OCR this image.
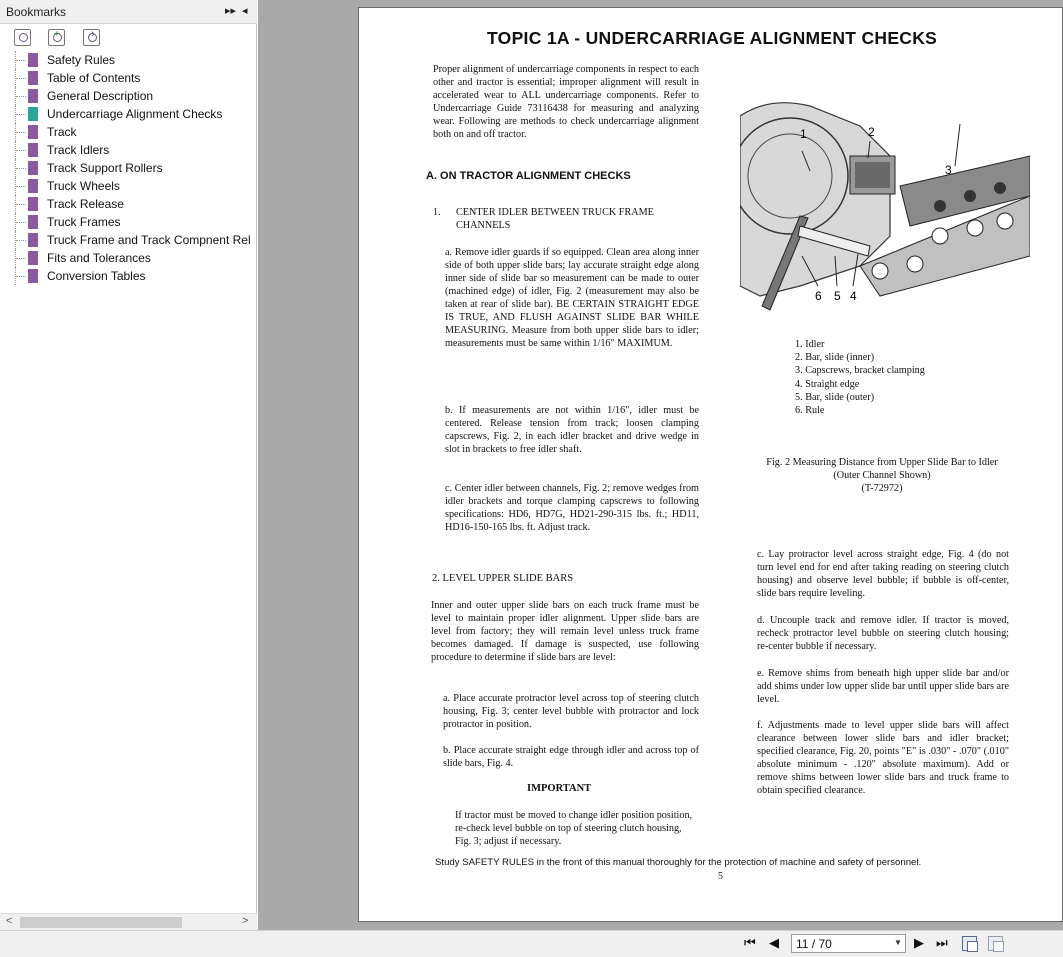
Bookmarks	▸▸ ◂
+
›
Safety Rules
Table of Contents
General Description
Undercarriage Alignment Checks
Track
Track Idlers
Track Support Rollers
Truck Wheels
Track Release
Truck Frames
Truck Frame and Track Compnent Rel
Fits and Tolerances
Conversion Tables
<	>
TOPIC 1A - UNDERCARRIAGE ALIGNMENT CHECKS
Proper alignment of undercarriage components in respect to each other and tractor is essential; improper alignment will result in accelerated wear to ALL undercarriage components. Refer to Undercarriage Guide 73116438 for measuring and analyzing wear. Following are methods to check undercarriage alignment both on and off tractor.
A. ON TRACTOR ALIGNMENT CHECKS
1. CENTER IDLER BETWEEN TRUCK FRAME CHANNELS
a. Remove idler guards if so equipped. Clean area along inner side of both upper slide bars; lay accurate straight edge along inner side of slide bar so measurement can be made to outer (machined edge) of idler, Fig. 2 (measurement may also be taken at rear of slide bar). BE CERTAIN STRAIGHT EDGE IS TRUE, AND FLUSH AGAINST SLIDE BAR WHILE MEASURING. Measure from both upper slide bars to idler; measurements must be same within 1/16" MAXIMUM.
b. If measurements are not within 1/16", idler must be centered. Release tension from track; loosen clamping capscrews, Fig. 2, in each idler bracket and drive wedge in slot in brackets to free idler shaft.
c. Center idler between channels, Fig. 2; remove wedges from idler brackets and torque clamping capscrews to following specifications: HD6, HD7G, HD21-290-315 lbs. ft.; HD11, HD16-150-165 lbs. ft. Adjust track.
2. LEVEL UPPER SLIDE BARS
Inner and outer upper slide bars on each truck frame must be level to maintain proper idler alignment. Upper slide bars are level from factory; they will remain level unless truck frame becomes damaged. If damage is suspected, use following procedure to determine if slide bars are level:
a. Place accurate protractor level across top of steering clutch housing, Fig. 3; center level bubble with protractor and lock protractor in position.
b. Place accurate straight edge through idler and across top of slide bars, Fig. 4.
IMPORTANT
If tractor must be moved to change idler position position, re-check level bubble on top of steering clutch housing, Fig. 3; adjust if necessary.
1	2
3
6 5 4
1. Idler
2. Bar, slide (inner)
3. Capscrews, bracket clamping
4. Straight edge
5. Bar, slide (outer)
6. Rule
Fig. 2 Measuring Distance from Upper Slide Bar to Idler
(Outer Channel Shown)
(T-72972)
c. Lay protractor level across straight edge, Fig. 4 (do not turn level end for end after taking reading on steering clutch housing) and observe level bubble; if bubble is off-center, slide bars require leveling.
d. Uncouple track and remove idler. If tractor is moved, recheck protractor level bubble on steering clutch housing; re-center bubble if necessary.
e. Remove shims from beneath high upper slide bar and/or add shims under low upper slide bar until upper slide bars are level.
f. Adjustments made to level upper slide bars will affect clearance between lower slide bars and idler bracket; specified clearance, Fig. 20, points "E" is .030" - .070" (.010" absolute minimum - .120" absolute maximum). Add or remove shims between lower slide bars and truck frame to obtain specified clearance.
Study SAFETY RULES in the front of this manual thoroughly for the protection of machine and safety of personnel.
5
⏮ ◀ 11 / 70	▼ ▶ ⏭
